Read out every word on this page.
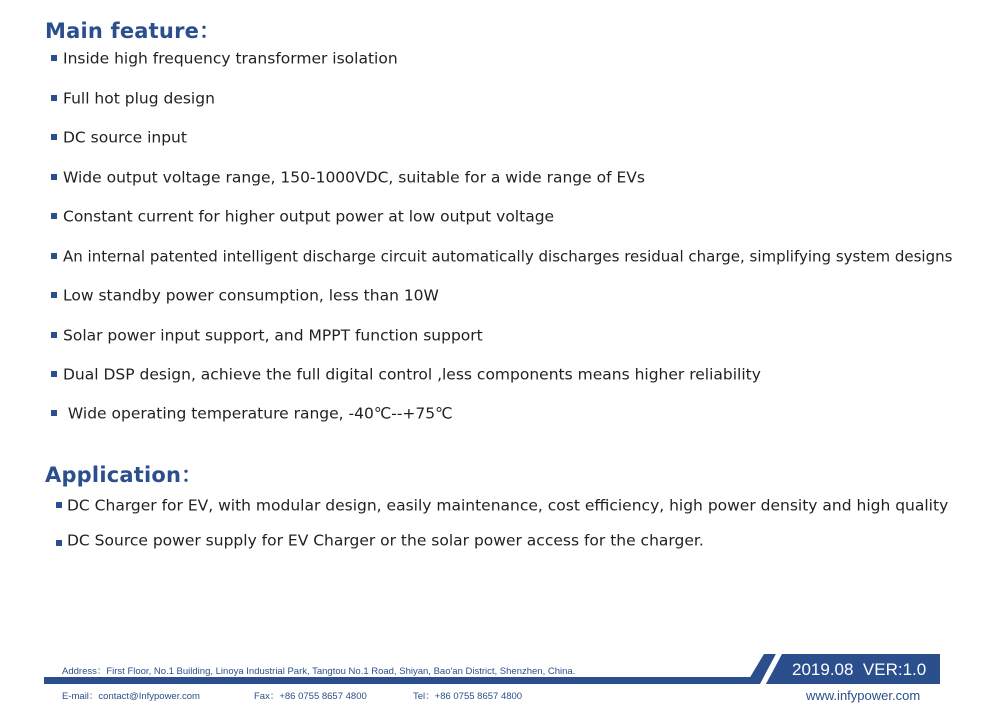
Main feature：
Inside high frequency transformer isolation
Full hot plug design
DC source input
Wide output voltage range, 150-1000VDC, suitable for a wide range of EVs
Constant current for higher output power at low output voltage
An internal patented intelligent discharge circuit automatically discharges residual charge, simplifying system designs
Low standby power consumption, less than 10W
Solar power input support, and MPPT function support
Dual DSP design, achieve the full digital control ,less components means higher reliability
Wide operating temperature range, -40℃--+75℃
Application：
DC Charger for EV, with modular design, easily maintenance, cost efficiency, high power density and high quality
DC Source power supply for EV Charger or the solar power access for the charger.
Address：First Floor, No.1 Building, Linoya Industrial Park, Tangtou No.1 Road, Shiyan, Bao'an District, Shenzhen, China.	2019.08  VER:1.0
E-mail：contact@Infypower.com	Fax：+86 0755 8657 4800	Tel：+86 0755 8657 4800	www.infypower.com
